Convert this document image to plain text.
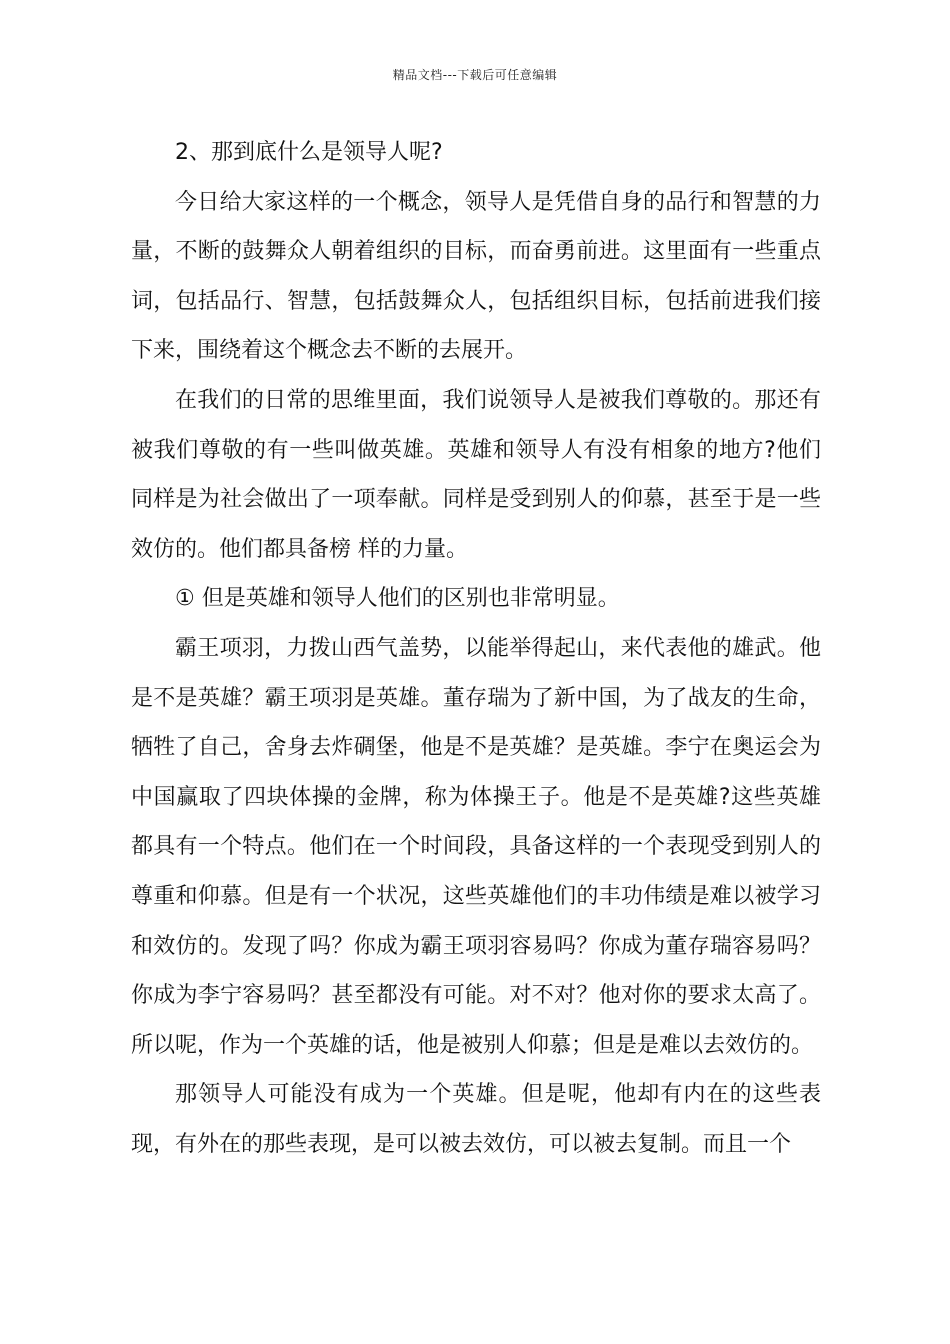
精品文档---下载后可任意编辑

2、那到底什么是领导人呢?

今日给大家这样的一个概念，领导人是凭借自身的品行和智慧的力量，不断的鼓舞众人朝着组织的目标，而奋勇前进。这里面有一些重点词，包括品行、智慧，包括鼓舞众人，包括组织目标，包括前进我们接下来，围绕着这个概念去不断的去展开。

在我们的日常的思维里面，我们说领导人是被我们尊敬的。那还有被我们尊敬的有一些叫做英雄。英雄和领导人有没有相象的地方?他们同样是为社会做出了一项奉献。同样是受到别人的仰慕，甚至于是一些效仿的。他们都具备榜 样的力量。

① 但是英雄和领导人他们的区别也非常明显。

霸王项羽，力拨山西气盖势，以能举得起山，来代表他的雄武。他是不是英雄？霸王项羽是英雄。董存瑞为了新中国，为了战友的生命，牺牲了自己，舍身去炸碉堡，他是不是英雄？是英雄。李宁在奥运会为中国赢取了四块体操的金牌，称为体操王子。他是不是英雄?这些英雄都具有一个特点。他们在一个时间段，具备这样的一个表现受到别人的尊重和仰慕。但是有一个状况，这些英雄他们的丰功伟绩是难以被学习和效仿的。发现了吗？你成为霸王项羽容易吗？你成为董存瑞容易吗？你成为李宁容易吗？甚至都没有可能。对不对？他对你的要求太高了。所以呢，作为一个英雄的话，他是被别人仰慕；但是是难以去效仿的。

那领导人可能没有成为一个英雄。但是呢，他却有内在的这些表现，有外在的那些表现，是可以被去效仿，可以被去复制。而且一个
